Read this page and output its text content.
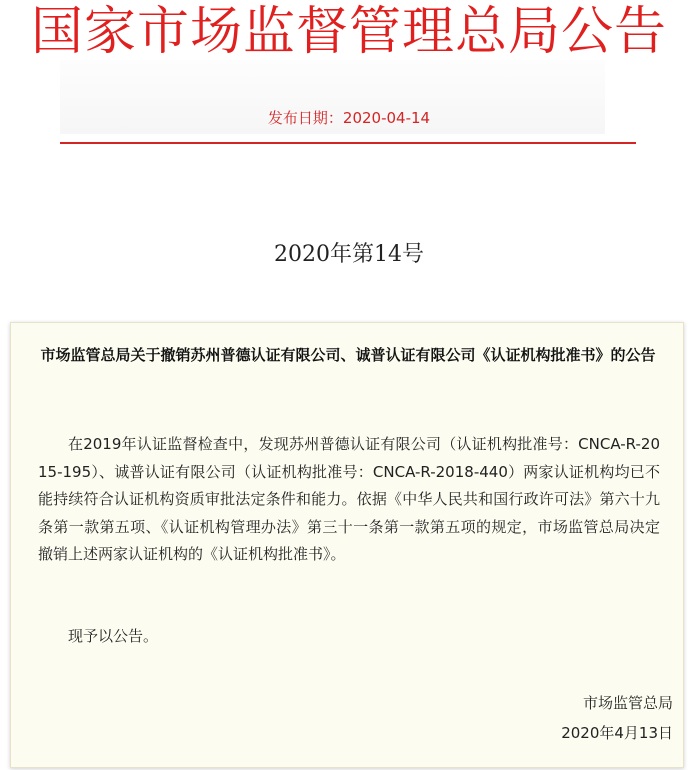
国家市场监督管理总局公告
发布日期：2020-04-14
2020年第14号
市场监管总局关于撤销苏州普德认证有限公司、诚普认证有限公司《认证机构批准书》的公告

在2019年认证监督检查中，发现苏州普德认证有限公司（认证机构批准号：CNCA-R-2015-195）、诚普认证有限公司（认证机构批准号：CNCA-R-2018-440）两家认证机构均已不能持续符合认证机构资质审批法定条件和能力。依据《中华人民共和国行政许可法》第六十九条第一款第五项、《认证机构管理办法》第三十一条第一款第五项的规定，市场监管总局决定撤销上述两家认证机构的《认证机构批准书》。

现予以公告。

市场监管总局
2020年4月13日
